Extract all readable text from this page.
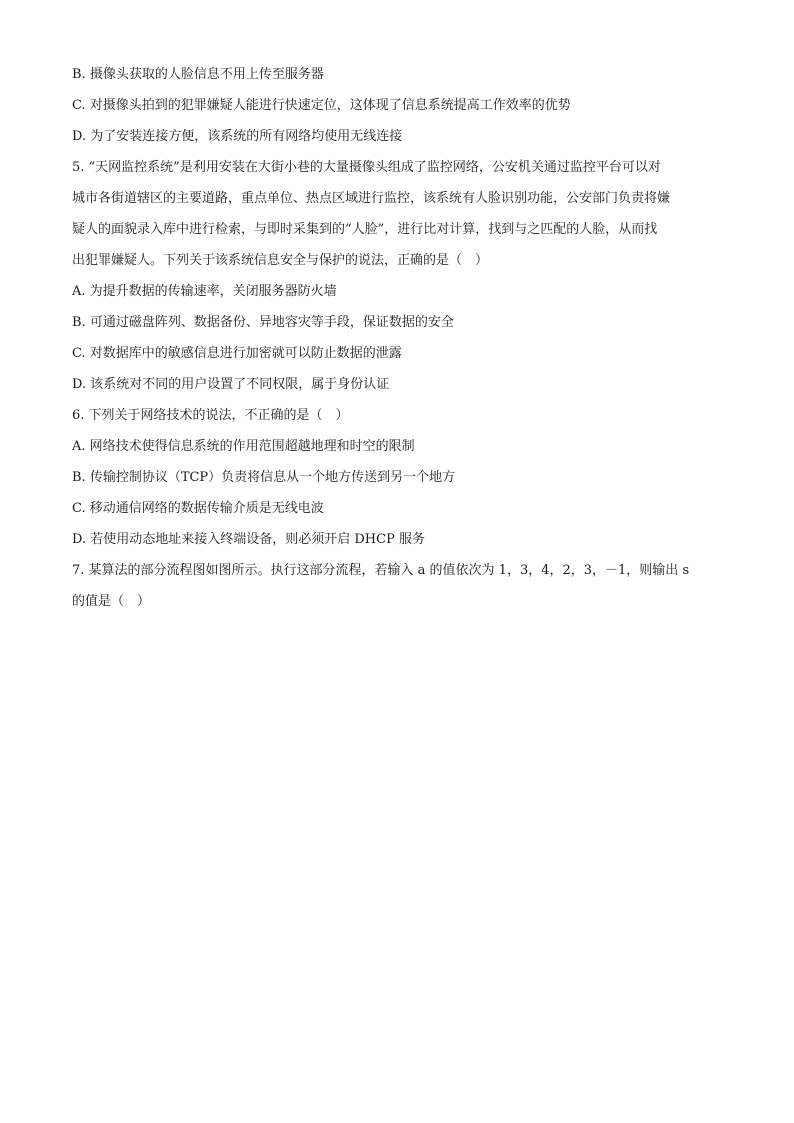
B. 摄像头获取的人脸信息不用上传至服务器
C. 对摄像头拍到的犯罪嫌疑人能进行快速定位，这体现了信息系统提高工作效率的优势
D. 为了安装连接方便，该系统的所有网络均使用无线连接
5. “天网监控系统”是利用安装在大街小巷的大量摄像头组成了监控网络，公安机关通过监控平台可以对
城市各街道辖区的主要道路，重点单位、热点区域进行监控，该系统有人脸识别功能，公安部门负责将嫌
疑人的面貌录入库中进行检索，与即时采集到的“人脸”，进行比对计算，找到与之匹配的人脸，从而找
出犯罪嫌疑人。下列关于该系统信息安全与保护的说法，正确的是（　）
A. 为提升数据的传输速率，关闭服务器防火墙
B. 可通过磁盘阵列、数据备份、异地容灾等手段，保证数据的安全
C. 对数据库中的敏感信息进行加密就可以防止数据的泄露
D. 该系统对不同的用户设置了不同权限，属于身份认证
6. 下列关于网络技术的说法，不正确的是（　）
A. 网络技术使得信息系统的作用范围超越地理和时空的限制
B. 传输控制协议（TCP）负责将信息从一个地方传送到另一个地方
C. 移动通信网络的数据传输介质是无线电波
D. 若使用动态地址来接入终端设备，则必须开启 DHCP 服务
7. 某算法的部分流程图如图所示。执行这部分流程，若输入 a 的值依次为 1，3，4，2，3，－1，则输出 s
的值是（　）
